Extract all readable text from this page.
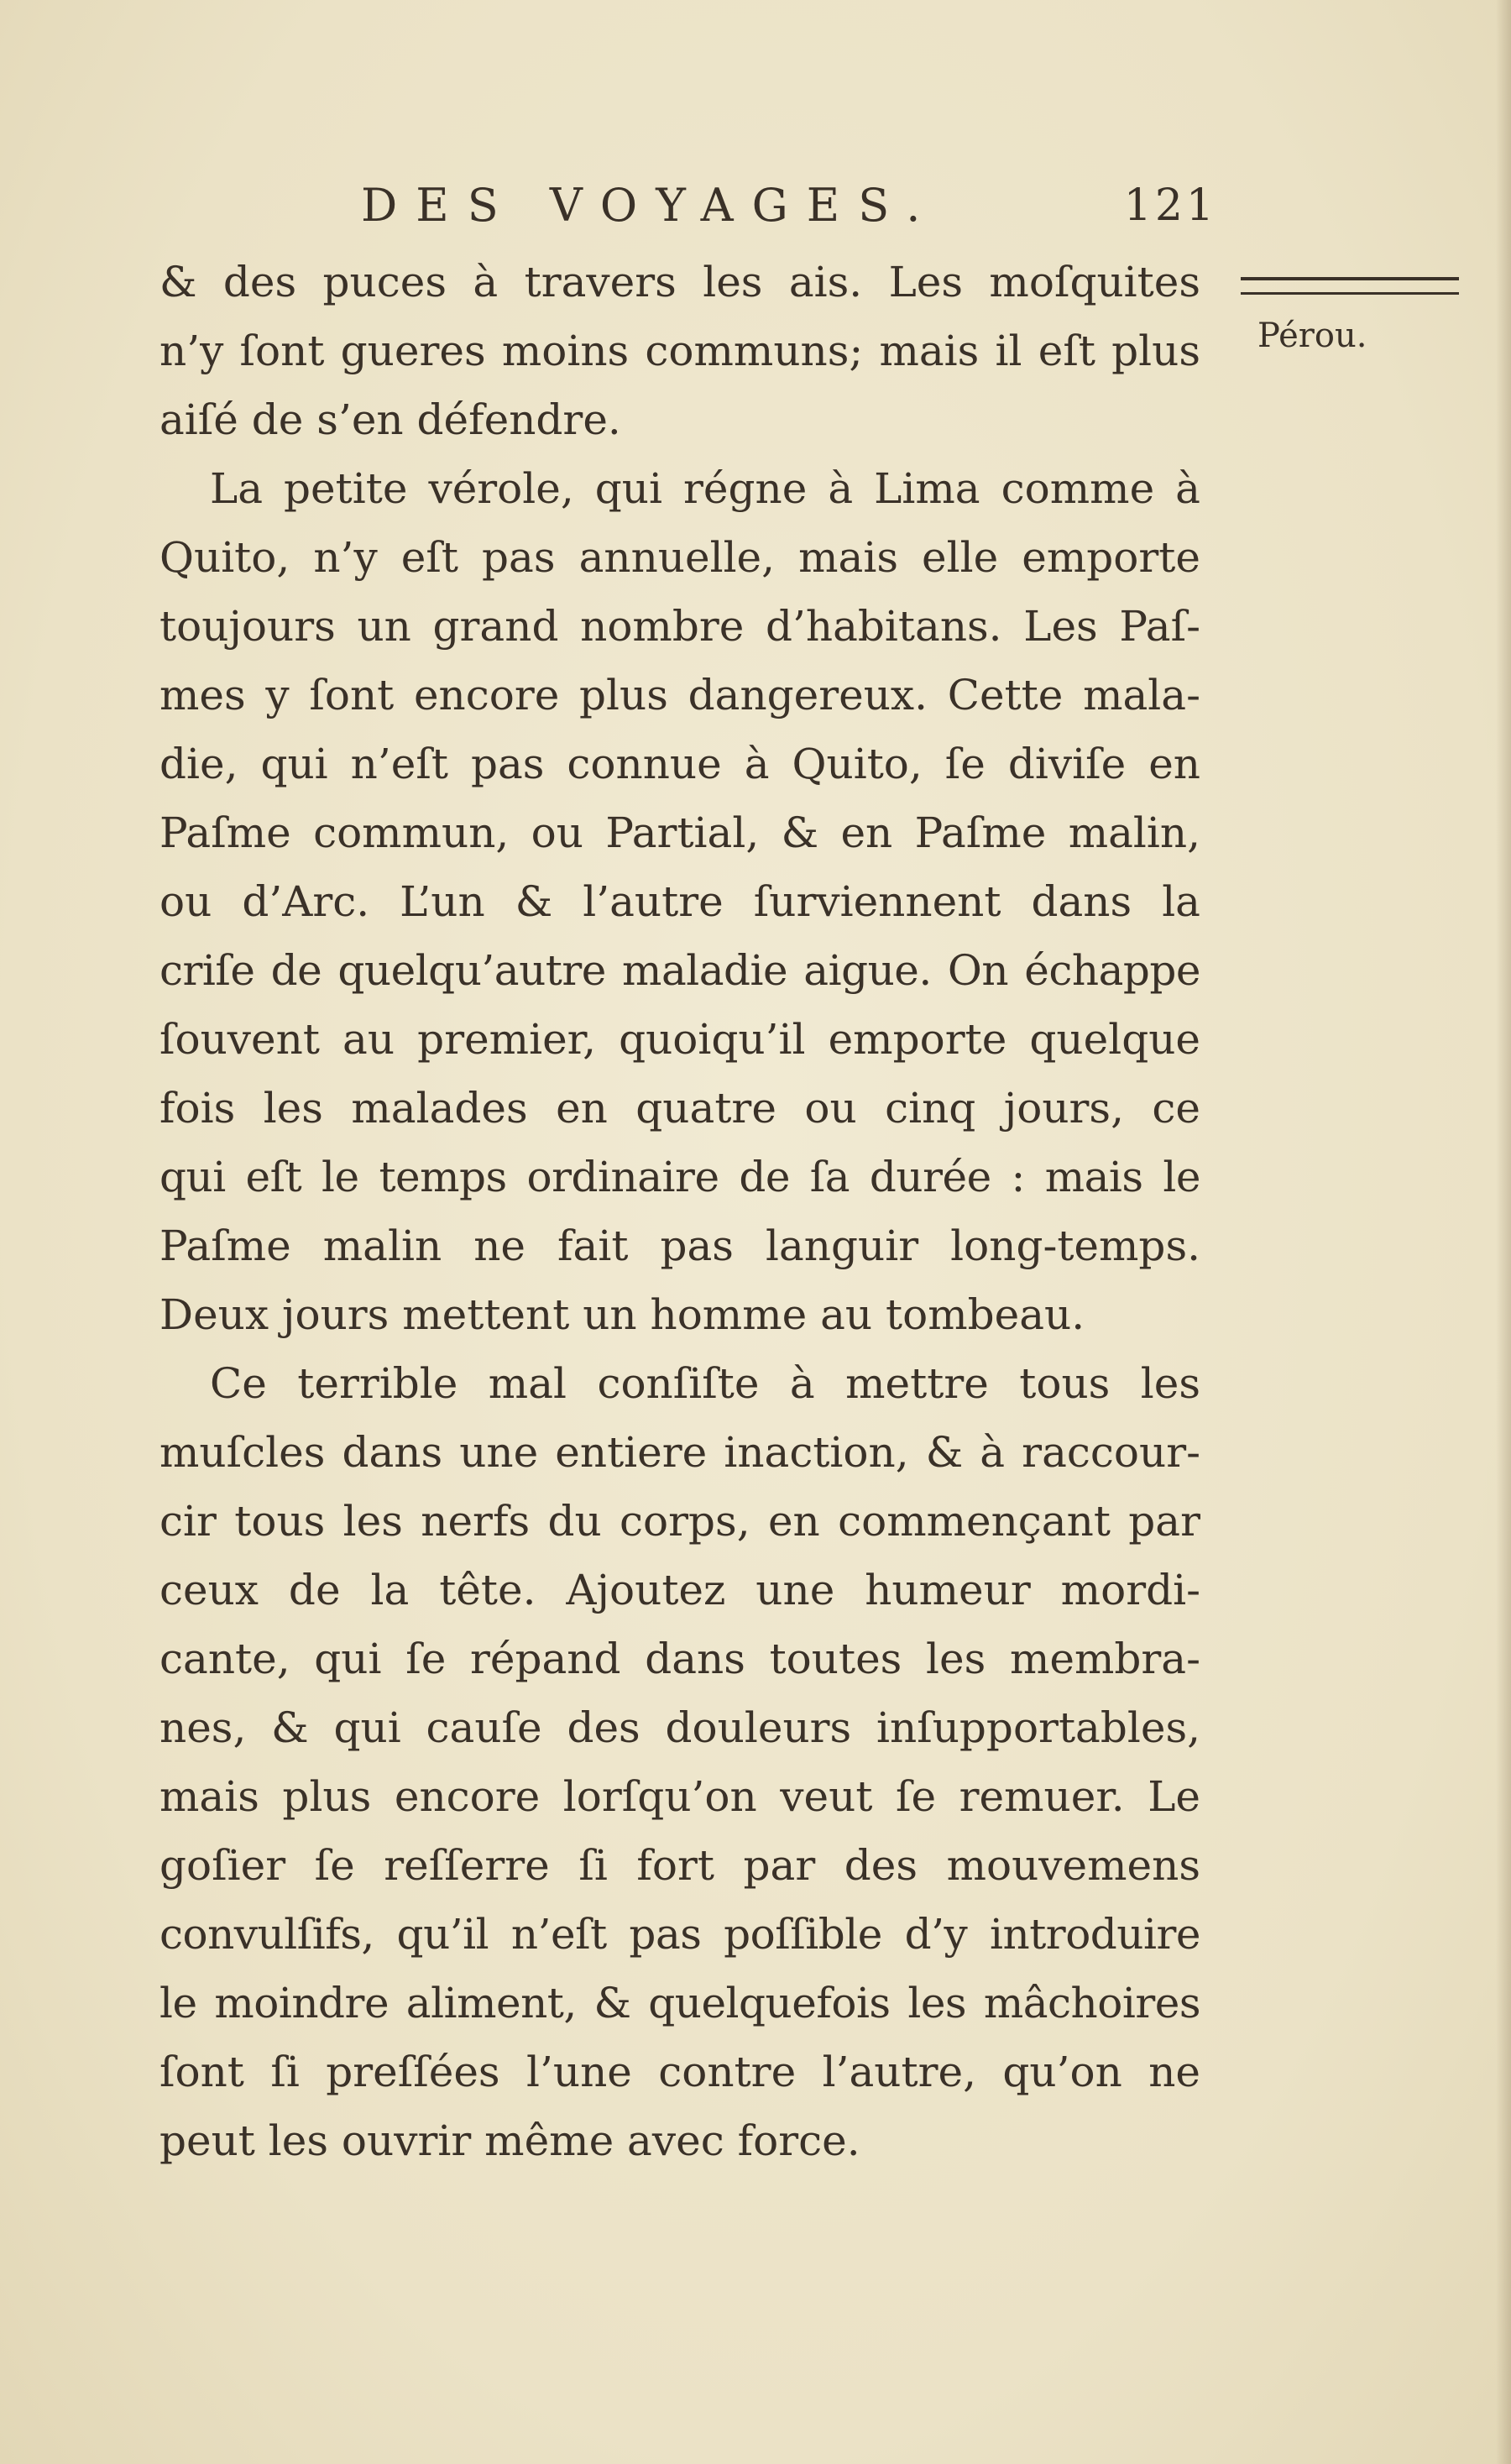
DES VOYAGES.	121
Pérou.
& des puces à travers les ais. Les moſquites
n’y ſont gueres moins communs; mais il eſt plus
aiſé de s’en défendre.
La petite vérole, qui régne à Lima comme à
Quito, n’y eſt pas annuelle, mais elle emporte
toujours un grand nombre d’habitans. Les Paſ-
mes y ſont encore plus dangereux. Cette mala-
die, qui n’eſt pas connue à Quito, ſe diviſe en
Paſme commun, ou Partial, & en Paſme malin,
ou d’Arc. L’un & l’autre ſurviennent dans la
criſe de quelqu’autre maladie aigue. On échappe
ſouvent au premier, quoiqu’il emporte quelque
fois les malades en quatre ou cinq jours, ce
qui eſt le temps ordinaire de ſa durée : mais le
Paſme malin ne fait pas languir long-temps.
Deux jours mettent un homme au tombeau.
Ce terrible mal conſiſte à mettre tous les
muſcles dans une entiere inaction, & à raccour-
cir tous les nerfs du corps, en commençant par
ceux de la tête. Ajoutez une humeur mordi-
cante, qui ſe répand dans toutes les membra-
nes, & qui cauſe des douleurs inſupportables,
mais plus encore lorſqu’on veut ſe remuer. Le
goſier ſe reſſerre ſi fort par des mouvemens
convulſifs, qu’il n’eſt pas poſſible d’y introduire
le moindre aliment, & quelquefois les mâchoires
ſont ſi preſſées l’une contre l’autre, qu’on ne
peut les ouvrir même avec force.
